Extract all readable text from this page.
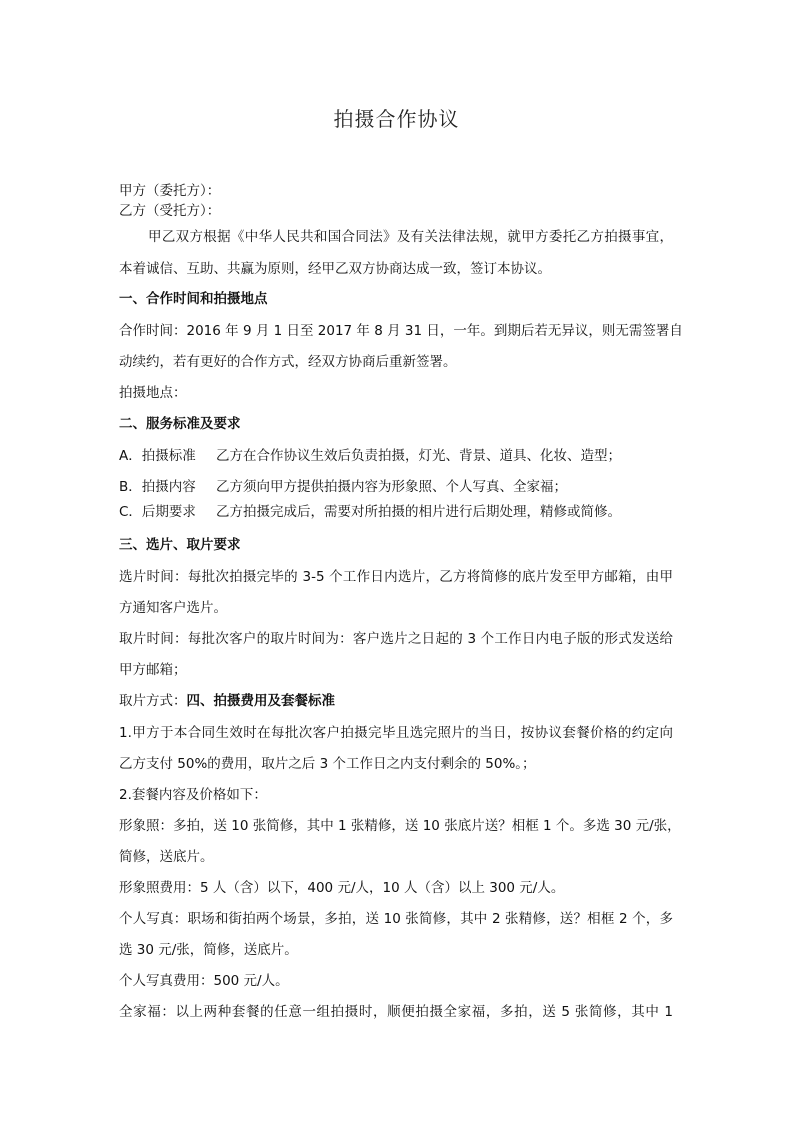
拍摄合作协议
甲方（委托方）：
乙方（受托方）：
甲乙双方根据《中华人民共和国合同法》及有关法律法规，就甲方委托乙方拍摄事宜，
本着诚信、互助、共赢为原则，经甲乙双方协商达成一致，签订本协议。
一、合作时间和拍摄地点
合作时间：2016 年 9 月 1 日至 2017 年 8 月 31 日，一年。到期后若无异议，则无需签署自
动续约，若有更好的合作方式，经双方协商后重新签署。
拍摄地点：
二、服务标准及要求
A．拍摄标准 乙方在合作协议生效后负责拍摄，灯光、背景、道具、化妆、造型；
B．拍摄内容 乙方须向甲方提供拍摄内容为形象照、个人写真、全家福；
C．后期要求 乙方拍摄完成后，需要对所拍摄的相片进行后期处理，精修或简修。
三、选片、取片要求
选片时间：每批次拍摄完毕的 3-5 个工作日内选片，乙方将简修的底片发至甲方邮箱，由甲
方通知客户选片。
取片时间：每批次客户的取片时间为：客户选片之日起的 3 个工作日内电子版的形式发送给
甲方邮箱；
取片方式：四、拍摄费用及套餐标准
1.甲方于本合同生效时在每批次客户拍摄完毕且选完照片的当日，按协议套餐价格的约定向
乙方支付 50%的费用，取片之后 3 个工作日之内支付剩余的 50%。；
2.套餐内容及价格如下：
形象照：多拍，送 10 张简修，其中 1 张精修，送 10 张底片送？相框 1 个。多选 30 元/张，
简修，送底片。
形象照费用：5 人（含）以下，400 元/人，10 人（含）以上 300 元/人。
个人写真：职场和街拍两个场景，多拍，送 10 张简修，其中 2 张精修，送？相框 2 个，多
选 30 元/张，简修，送底片。
个人写真费用：500 元/人。
全家福：以上两种套餐的任意一组拍摄时，顺便拍摄全家福，多拍，送 5 张简修，其中 1
